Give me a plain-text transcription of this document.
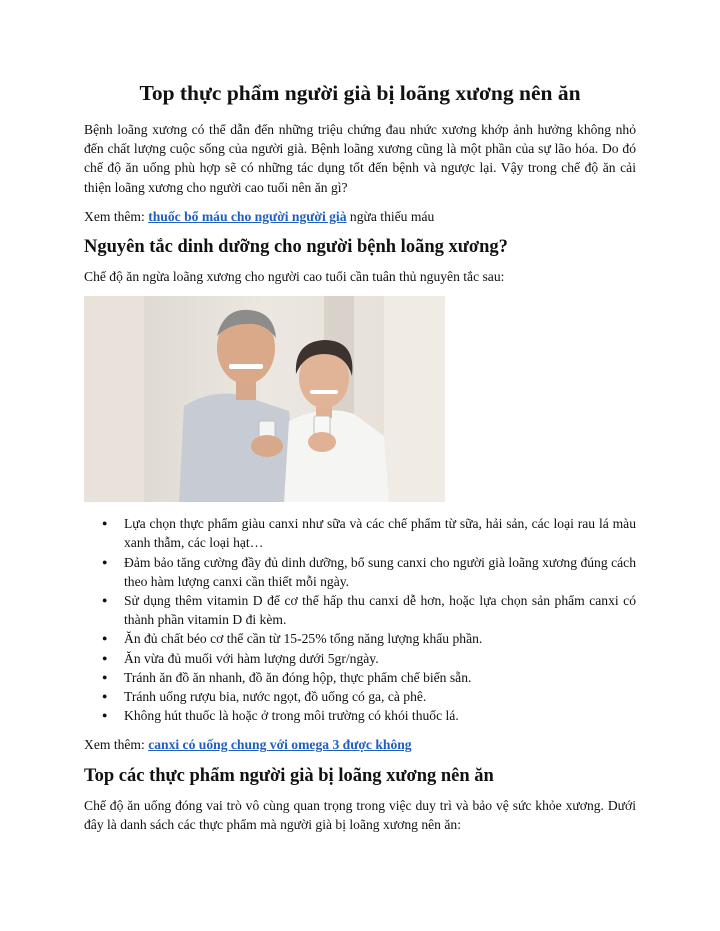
Top thực phẩm người già bị loãng xương nên ăn

Bệnh loãng xương có thể dẫn đến những triệu chứng đau nhức xương khớp ảnh hưởng không nhỏ đến chất lượng cuộc sống của người già. Bệnh loãng xương cũng là một phần của sự lão hóa. Do đó chế độ ăn uống phù hợp sẽ có những tác dụng tốt đến bệnh và ngược lại. Vậy trong chế độ ăn cải thiện loãng xương cho người cao tuổi nên ăn gì?

Xem thêm: thuốc bổ máu cho người người già ngừa thiếu máu

Nguyên tắc dinh dưỡng cho người bệnh loãng xương?

Chế độ ăn ngừa loãng xương cho người cao tuổi cần tuân thủ nguyên tắc sau:

● Lựa chọn thực phẩm giàu canxi như sữa và các chế phẩm từ sữa, hải sản, các loại rau lá màu xanh thẫm, các loại hạt…
● Đảm bảo tăng cường đầy đủ dinh dưỡng, bổ sung canxi cho người già loãng xương đúng cách theo hàm lượng canxi cần thiết mỗi ngày.
● Sử dụng thêm vitamin D để cơ thể hấp thu canxi dễ hơn, hoặc lựa chọn sản phẩm canxi có thành phần vitamin D đi kèm.
● Ăn đủ chất béo cơ thể cần từ 15-25% tổng năng lượng khẩu phần.
● Ăn vừa đủ muối với hàm lượng dưới 5gr/ngày.
● Tránh ăn đồ ăn nhanh, đồ ăn đóng hộp, thực phẩm chế biến sẵn.
● Tránh uống rượu bia, nước ngọt, đồ uống có ga, cà phê.
● Không hút thuốc là hoặc ở trong môi trường có khói thuốc lá.

Xem thêm: canxi có uống chung với omega 3 được không

Top các thực phẩm người già bị loãng xương nên ăn

Chế độ ăn uống đóng vai trò vô cùng quan trọng trong việc duy trì và bảo vệ sức khỏe xương. Dưới đây là danh sách các thực phẩm mà người già bị loãng xương nên ăn:
